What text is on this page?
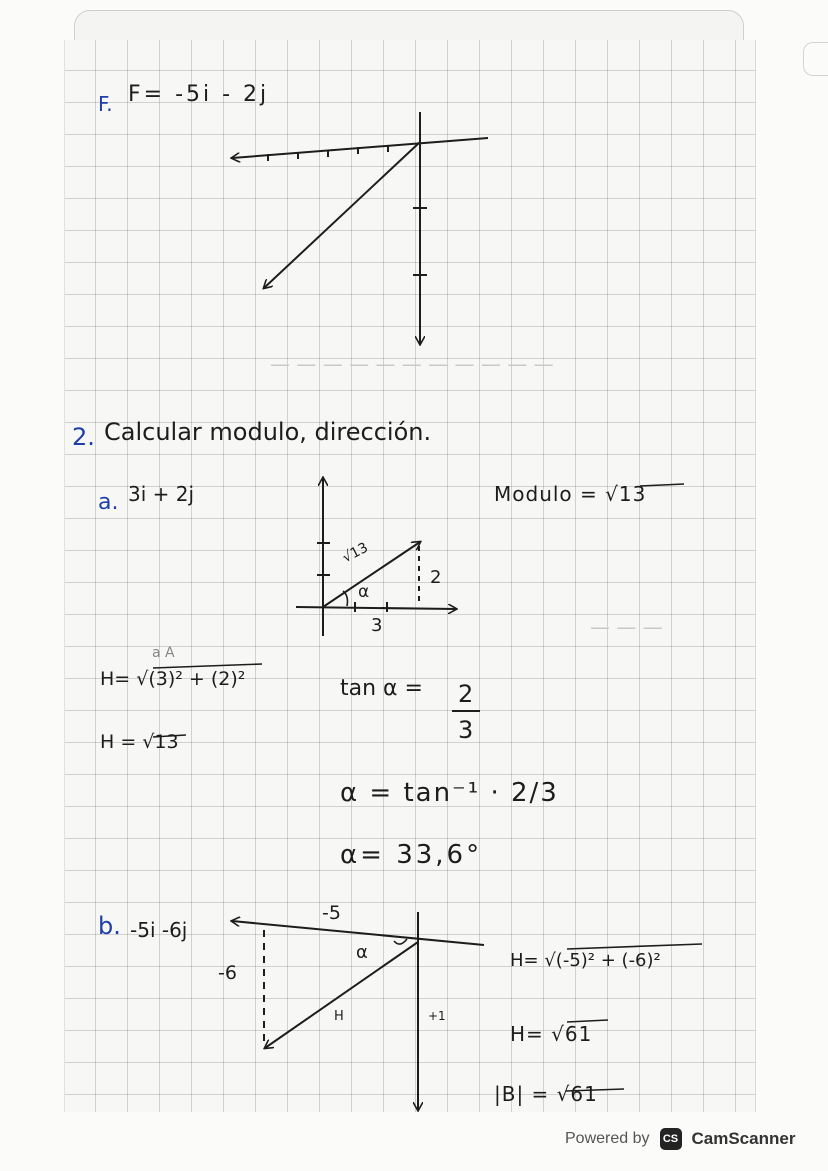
— — — — — — — — — — —
— — —
F. F= -5i - 2j
2. Calcular modulo, dirección.
a. 3i + 2j	Modulo = √13
√13
α
3
2
a A
H= √(3)² + (2)²
H = √13
tan α = 2
3
α = tan⁻¹ · 2/3
α= 33,6°
b. -5i -6j
-5
-6
α
H	+1
H= √(-5)² + (-6)²
H= √61
|B| = √61
Powered by	CS CamScanner
